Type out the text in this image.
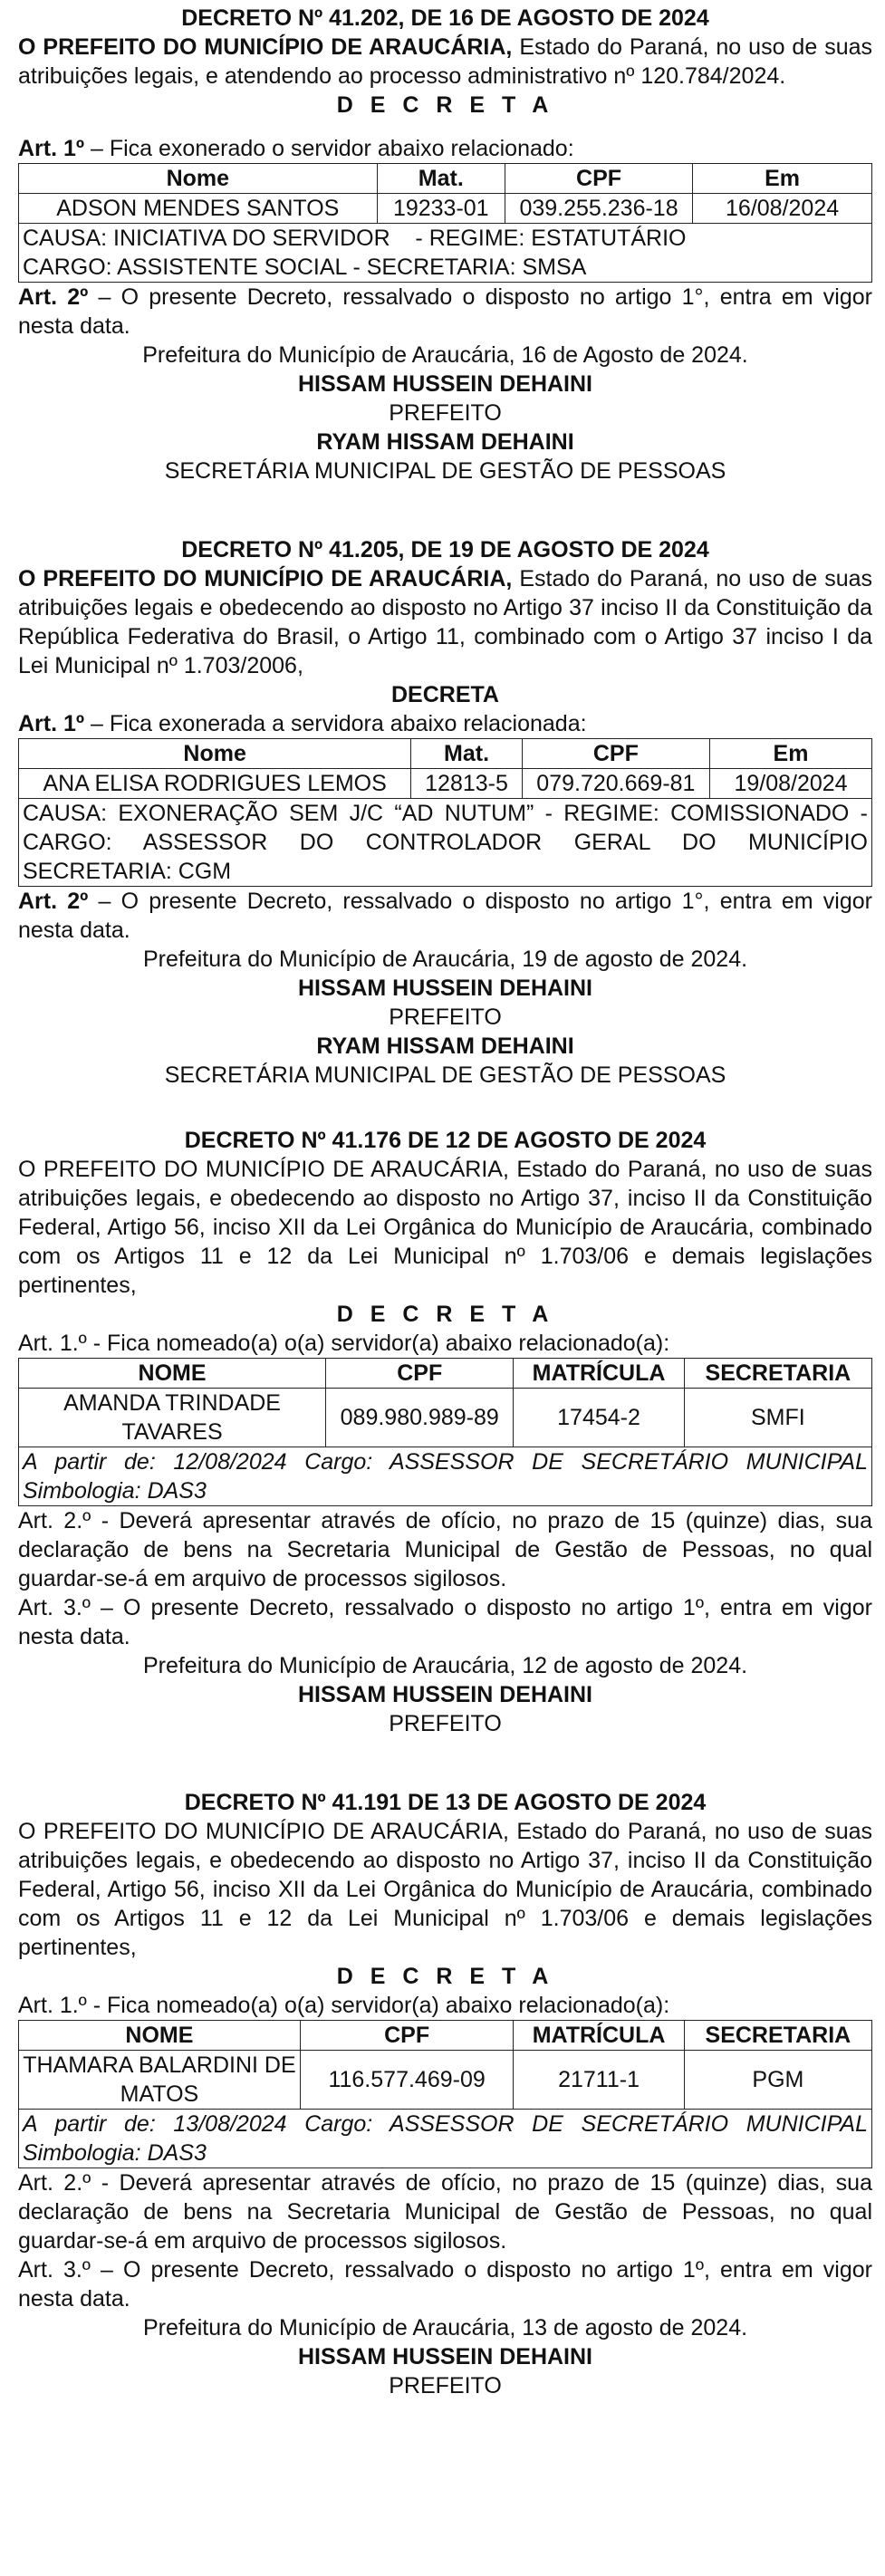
DECRETO Nº 41.202, DE 16 DE AGOSTO DE 2024
O PREFEITO DO MUNICÍPIO DE ARAUCÁRIA, Estado do Paraná, no uso de suas atribuições legais, e atendendo ao processo administrativo nº 120.784/2024.
D E C R E T A
Art. 1º – Fica exonerado o servidor abaixo relacionado:
Nome	Mat.	CPF	Em
ADSON MENDES SANTOS	19233-01	039.255.236-18	16/08/2024

CAUSA: INICIATIVA DO SERVIDOR    - REGIME: ESTATUTÁRIO
CARGO: ASSISTENTE SOCIAL - SECRETARIA: SMSA			
Art. 2º – O presente Decreto, ressalvado o disposto no artigo 1°, entra em vigor nesta data.
Prefeitura do Município de Araucária, 16 de Agosto de 2024.
HISSAM HUSSEIN DEHAINI
PREFEITO
RYAM HISSAM DEHAINI
SECRETÁRIA MUNICIPAL DE GESTÃO DE PESSOAS
DECRETO Nº 41.205, DE 19 DE AGOSTO DE 2024
O PREFEITO DO MUNICÍPIO DE ARAUCÁRIA, Estado do Paraná, no uso de suas atribuições legais e obedecendo ao disposto no Artigo 37 inciso II da Constituição da República Federativa do Brasil, o Artigo 11, combinado com o Artigo 37 inciso I da Lei Municipal nº 1.703/2006,
DECRETA
Art. 1º – Fica exonerada a servidora abaixo relacionada:
Nome	Mat.	CPF	Em
ANA ELISA RODRIGUES LEMOS	12813-5	079.720.669-81	19/08/2024
CAUSA: EXONERAÇÃO SEM J/C “AD NUTUM” - REGIME: COMISSIONADO - CARGO: ASSESSOR DO CONTROLADOR GERAL DO MUNICÍPIO SECRETARIA: CGM			
Art. 2º – O presente Decreto, ressalvado o disposto no artigo 1°, entra em vigor nesta data.
Prefeitura do Município de Araucária, 19 de agosto de 2024.
HISSAM HUSSEIN DEHAINI
PREFEITO
RYAM HISSAM DEHAINI
SECRETÁRIA MUNICIPAL DE GESTÃO DE PESSOAS
DECRETO Nº 41.176 DE 12 DE AGOSTO DE 2024
O PREFEITO DO MUNICÍPIO DE ARAUCÁRIA, Estado do Paraná, no uso de suas atribuições legais, e obedecendo ao disposto no Artigo 37, inciso II da Constituição Federal, Artigo 56, inciso XII da Lei Orgânica do Município de Araucária, combinado com os Artigos 11 e 12 da Lei Municipal nº 1.703/06 e demais legislações pertinentes,
D E C R E T A
Art. 1.º - Fica nomeado(a) o(a) servidor(a) abaixo relacionado(a):
NOME	CPF	MATRÍCULA	SECRETARIA
AMANDA TRINDADE TAVARES	089.980.989-89	17454-2	SMFI
A partir de: 12/08/2024 Cargo: ASSESSOR DE SECRETÁRIO MUNICIPAL Simbologia: DAS3			
Art. 2.º - Deverá apresentar através de ofício, no prazo de 15 (quinze) dias, sua declaração de bens na Secretaria Municipal de Gestão de Pessoas, no qual guardar-se-á em arquivo de processos sigilosos.
Art. 3.º – O presente Decreto, ressalvado o disposto no artigo 1º, entra em vigor nesta data.
Prefeitura do Município de Araucária, 12 de agosto de 2024.
HISSAM HUSSEIN DEHAINI
PREFEITO
DECRETO Nº 41.191 DE 13 DE AGOSTO DE 2024
O PREFEITO DO MUNICÍPIO DE ARAUCÁRIA, Estado do Paraná, no uso de suas atribuições legais, e obedecendo ao disposto no Artigo 37, inciso II da Constituição Federal, Artigo 56, inciso XII da Lei Orgânica do Município de Araucária, combinado com os Artigos 11 e 12 da Lei Municipal nº 1.703/06 e demais legislações pertinentes,
D E C R E T A
Art. 1.º - Fica nomeado(a) o(a) servidor(a) abaixo relacionado(a):
NOME	CPF	MATRÍCULA	SECRETARIA
THAMARA BALARDINI DE MATOS	116.577.469-09	21711-1	PGM
A partir de: 13/08/2024 Cargo: ASSESSOR DE SECRETÁRIO MUNICIPAL Simbologia: DAS3			
Art. 2.º - Deverá apresentar através de ofício, no prazo de 15 (quinze) dias, sua declaração de bens na Secretaria Municipal de Gestão de Pessoas, no qual guardar-se-á em arquivo de processos sigilosos.
Art. 3.º – O presente Decreto, ressalvado o disposto no artigo 1º, entra em vigor nesta data.
Prefeitura do Município de Araucária, 13 de agosto de 2024.
HISSAM HUSSEIN DEHAINI
PREFEITO
